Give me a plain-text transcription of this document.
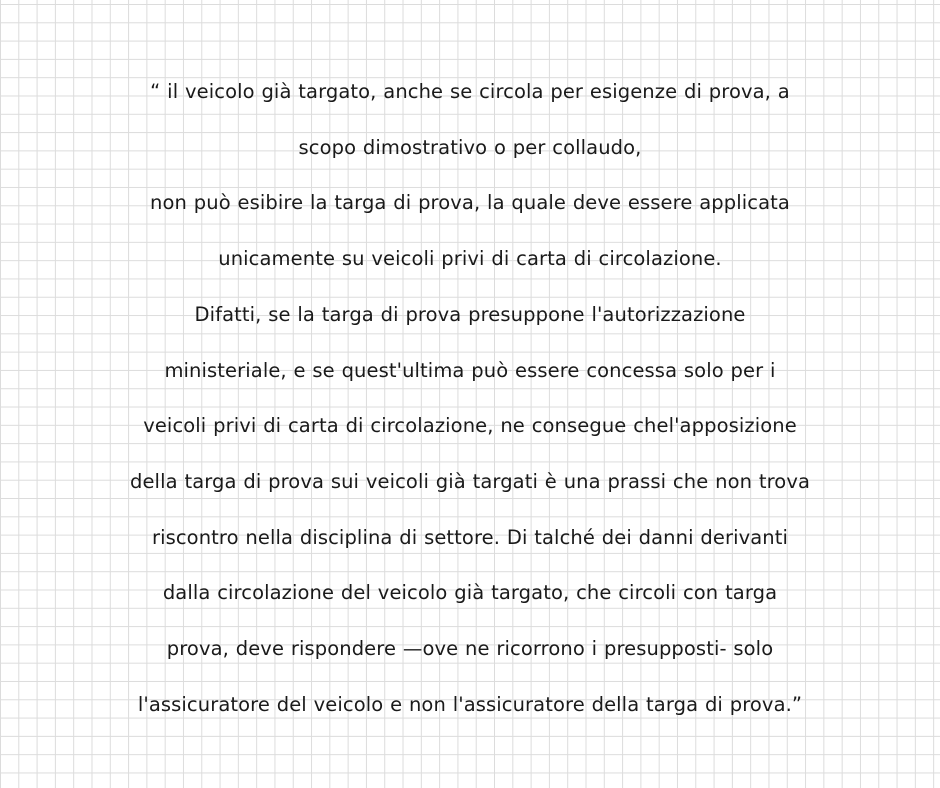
“ il veicolo già targato, anche se circola per esigenze di prova, a
scopo dimostrativo o per collaudo,
non può esibire la targa di prova, la quale deve essere applicata
unicamente su veicoli privi di carta di circolazione.
Difatti, se la targa di prova presuppone l'autorizzazione
ministeriale, e se quest'ultima può essere concessa solo per i
veicoli privi di carta di circolazione, ne consegue chel'apposizione
della targa di prova sui veicoli già targati è una prassi che non trova
riscontro nella disciplina di settore. Di talché dei danni derivanti
dalla circolazione del veicolo già targato, che circoli con targa
prova, deve rispondere —ove ne ricorrono i presupposti- solo
l'assicuratore del veicolo e non l'assicuratore della targa di prova.”
